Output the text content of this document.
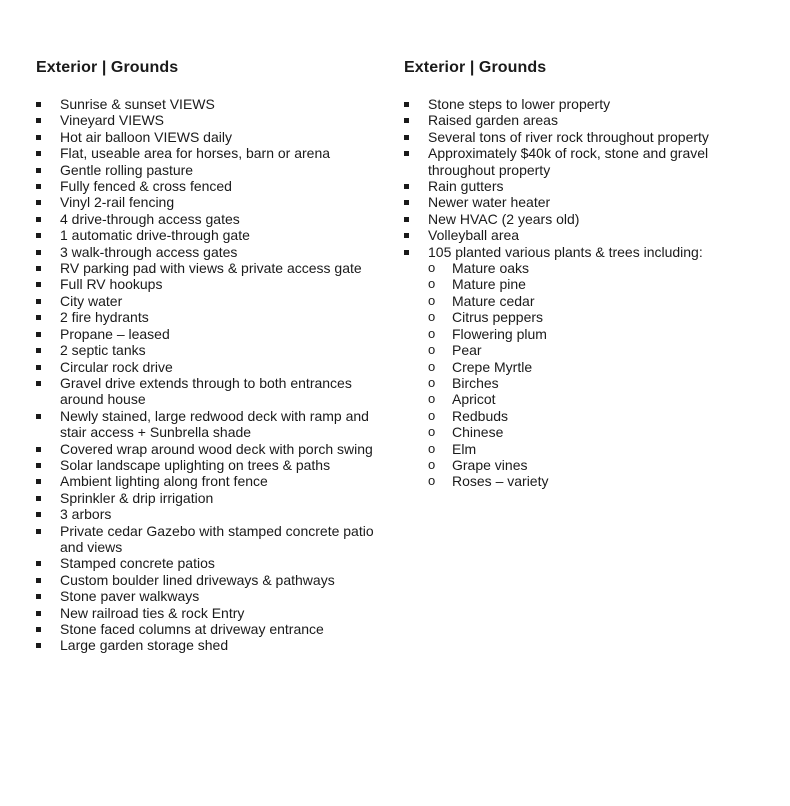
Exterior | Grounds
Sunrise & sunset VIEWS
Vineyard VIEWS
Hot air balloon VIEWS daily
Flat, useable area for horses, barn or arena
Gentle rolling pasture
Fully fenced & cross fenced
Vinyl 2-rail fencing
4 drive-through access gates
1 automatic drive-through gate
3 walk-through access gates
RV parking pad with views & private access gate
Full RV hookups
City water
2 fire hydrants
Propane – leased
2 septic tanks
Circular rock drive
Gravel drive extends through to both entrances around house
Newly stained, large redwood deck with ramp and stair access + Sunbrella shade
Covered wrap around wood deck with porch swing
Solar landscape uplighting on trees & paths
Ambient lighting along front fence
Sprinkler & drip irrigation
3 arbors
Private cedar Gazebo with stamped concrete patio and views
Stamped concrete patios
Custom boulder lined driveways & pathways
Stone paver walkways
New railroad ties & rock Entry
Stone faced columns at driveway entrance
Large garden storage shed
Exterior | Grounds
Stone steps to lower property
Raised garden areas
Several tons of river rock throughout property
Approximately $40k of rock, stone and gravel throughout property
Rain gutters
Newer water heater
New HVAC (2 years old)
Volleyball area
105 planted various plants & trees including:
o Mature oaks
o Mature pine
o Mature cedar
o Citrus peppers
o Flowering plum
o Pear
o Crepe Myrtle
o Birches
o Apricot
o Redbuds
o Chinese
o Elm
o Grape vines
o Roses – variety
